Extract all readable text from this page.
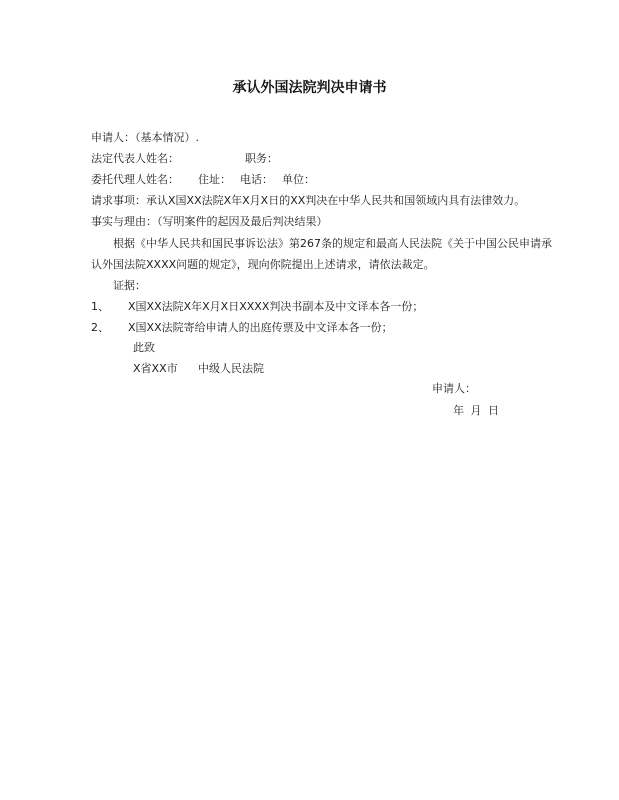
承认外国法院判决申请书
申请人：（基本情况）.
法定代表人姓名：	职务：
委托代理人姓名： 住址： 电话： 单位：
请求事项：承认X国XX法院X年X月X日的XX判决在中华人民共和国领域内具有法律效力。
事实与理由：（写明案件的起因及最后判决结果）
根据《中华人民共和国民事诉讼法》第267条的规定和最高人民法院《关于中国公民申请承
认外国法院XXXX问题的规定》，现向你院提出上述请求，请依法裁定。
证据：
1、 X国XX法院X年X月X日XXXX判决书副本及中文译本各一份；
2、 X国XX法院寄给申请人的出庭传票及中文译本各一份；
此致
X省XX市 中级人民法院
申请人：
年 月 日
